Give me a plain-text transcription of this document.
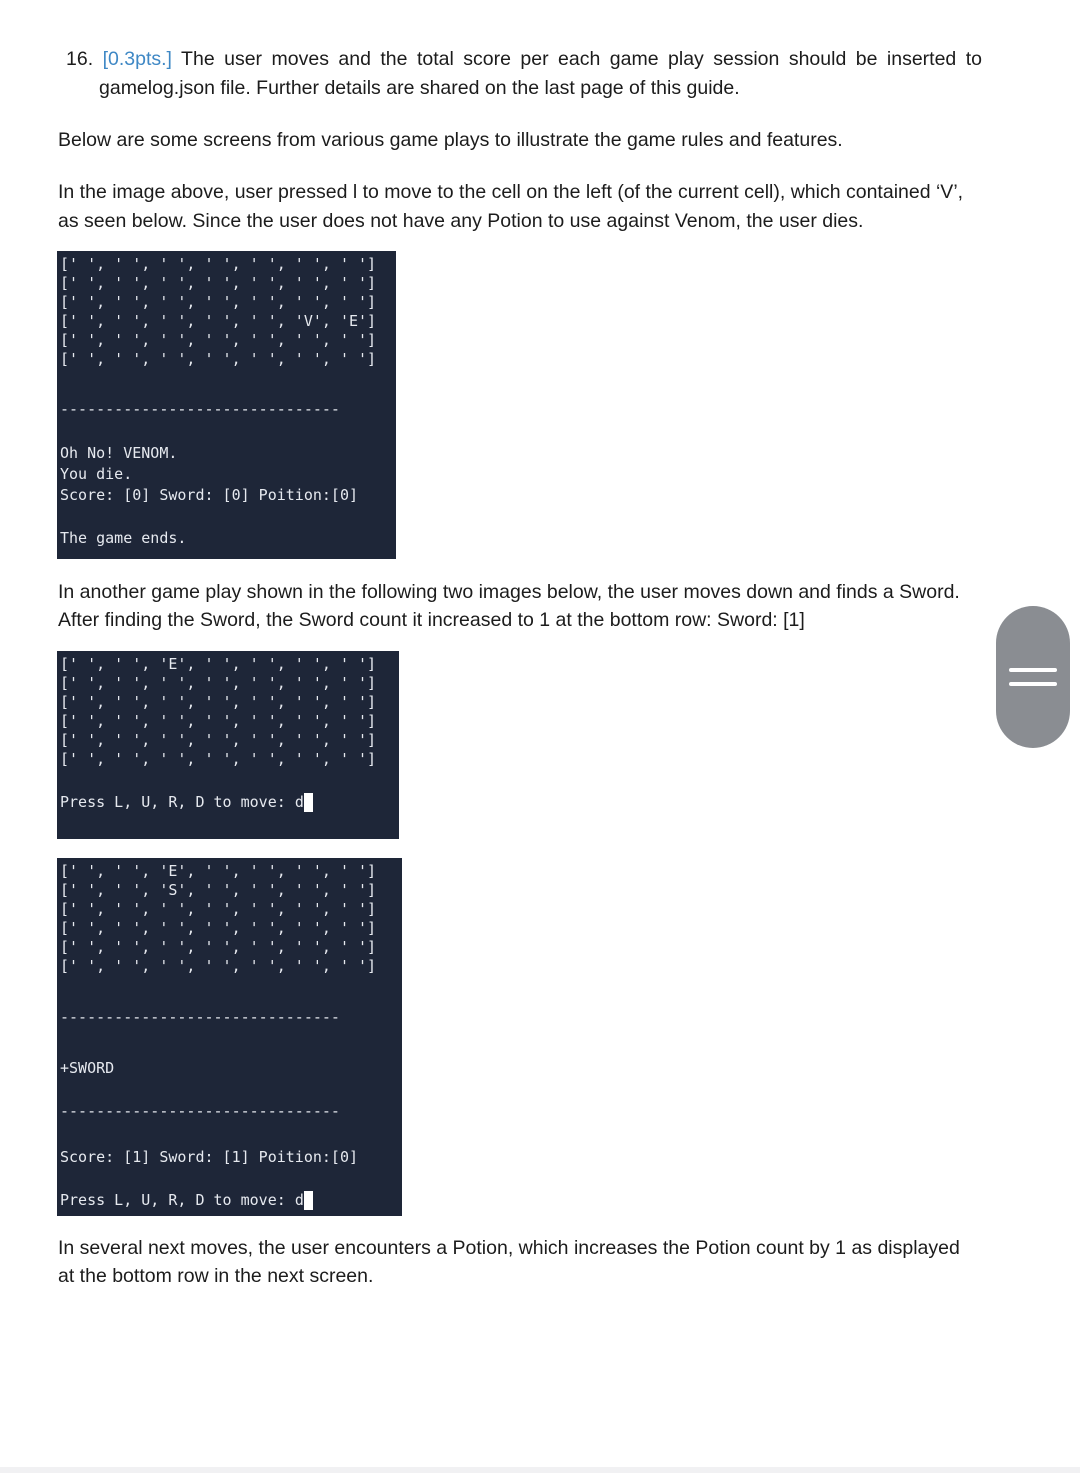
16. [0.3pts.] The user moves and the total score per each game play session should be inserted to
gamelog.json file. Further details are shared on the last page of this guide.
Below are some screens from various game plays to illustrate the game rules and features.
In the image above, user pressed l to move to the cell on the left (of the current cell), which contained ‘V’,
as seen below. Since the user does not have any Potion to use against Venom, the user dies.
[' ', ' ', ' ', ' ', ' ', ' ', ' ']
[' ', ' ', ' ', ' ', ' ', ' ', ' ']
[' ', ' ', ' ', ' ', ' ', ' ', ' ']
[' ', ' ', ' ', ' ', ' ', 'V', 'E']
[' ', ' ', ' ', ' ', ' ', ' ', ' ']
[' ', ' ', ' ', ' ', ' ', ' ', ' ']
-------------------------------
Oh No! VENOM.
You die.
Score: [0] Sword: [0] Poition:[0]
The game ends.
In another game play shown in the following two images below, the user moves down and finds a Sword.
After finding the Sword, the Sword count it increased to 1 at the bottom row: Sword: [1]
[' ', ' ', 'E', ' ', ' ', ' ', ' ']
[' ', ' ', ' ', ' ', ' ', ' ', ' ']
[' ', ' ', ' ', ' ', ' ', ' ', ' ']
[' ', ' ', ' ', ' ', ' ', ' ', ' ']
[' ', ' ', ' ', ' ', ' ', ' ', ' ']
[' ', ' ', ' ', ' ', ' ', ' ', ' ']
Press L, U, R, D to move: d
[' ', ' ', 'E', ' ', ' ', ' ', ' ']
[' ', ' ', 'S', ' ', ' ', ' ', ' ']
[' ', ' ', ' ', ' ', ' ', ' ', ' ']
[' ', ' ', ' ', ' ', ' ', ' ', ' ']
[' ', ' ', ' ', ' ', ' ', ' ', ' ']
[' ', ' ', ' ', ' ', ' ', ' ', ' ']
-------------------------------
+SWORD
-------------------------------
Score: [1] Sword: [1] Poition:[0]
Press L, U, R, D to move: d
In several next moves, the user encounters a Potion, which increases the Potion count by 1 as displayed
at the bottom row in the next screen.
